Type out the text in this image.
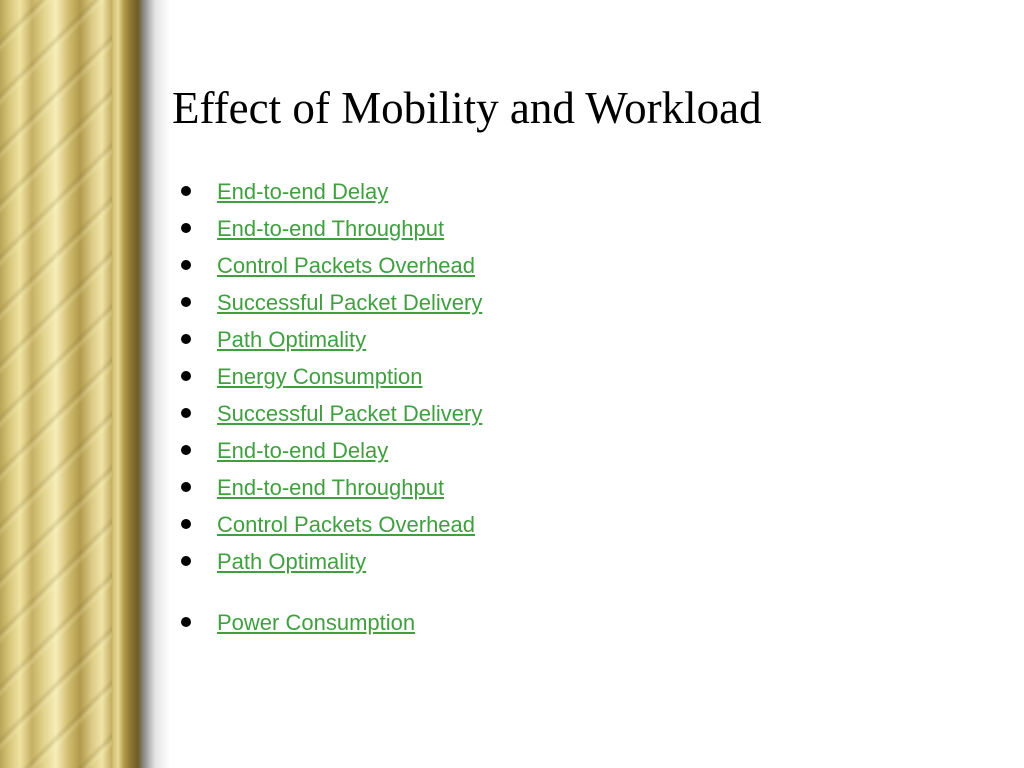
Effect of Mobility and Workload
End-to-end Delay
End-to-end Throughput
Control Packets Overhead
Successful Packet Delivery
Path Optimality
Energy Consumption
Successful Packet Delivery
End-to-end Delay
End-to-end Throughput
Control Packets Overhead
Path Optimality
Power Consumption
